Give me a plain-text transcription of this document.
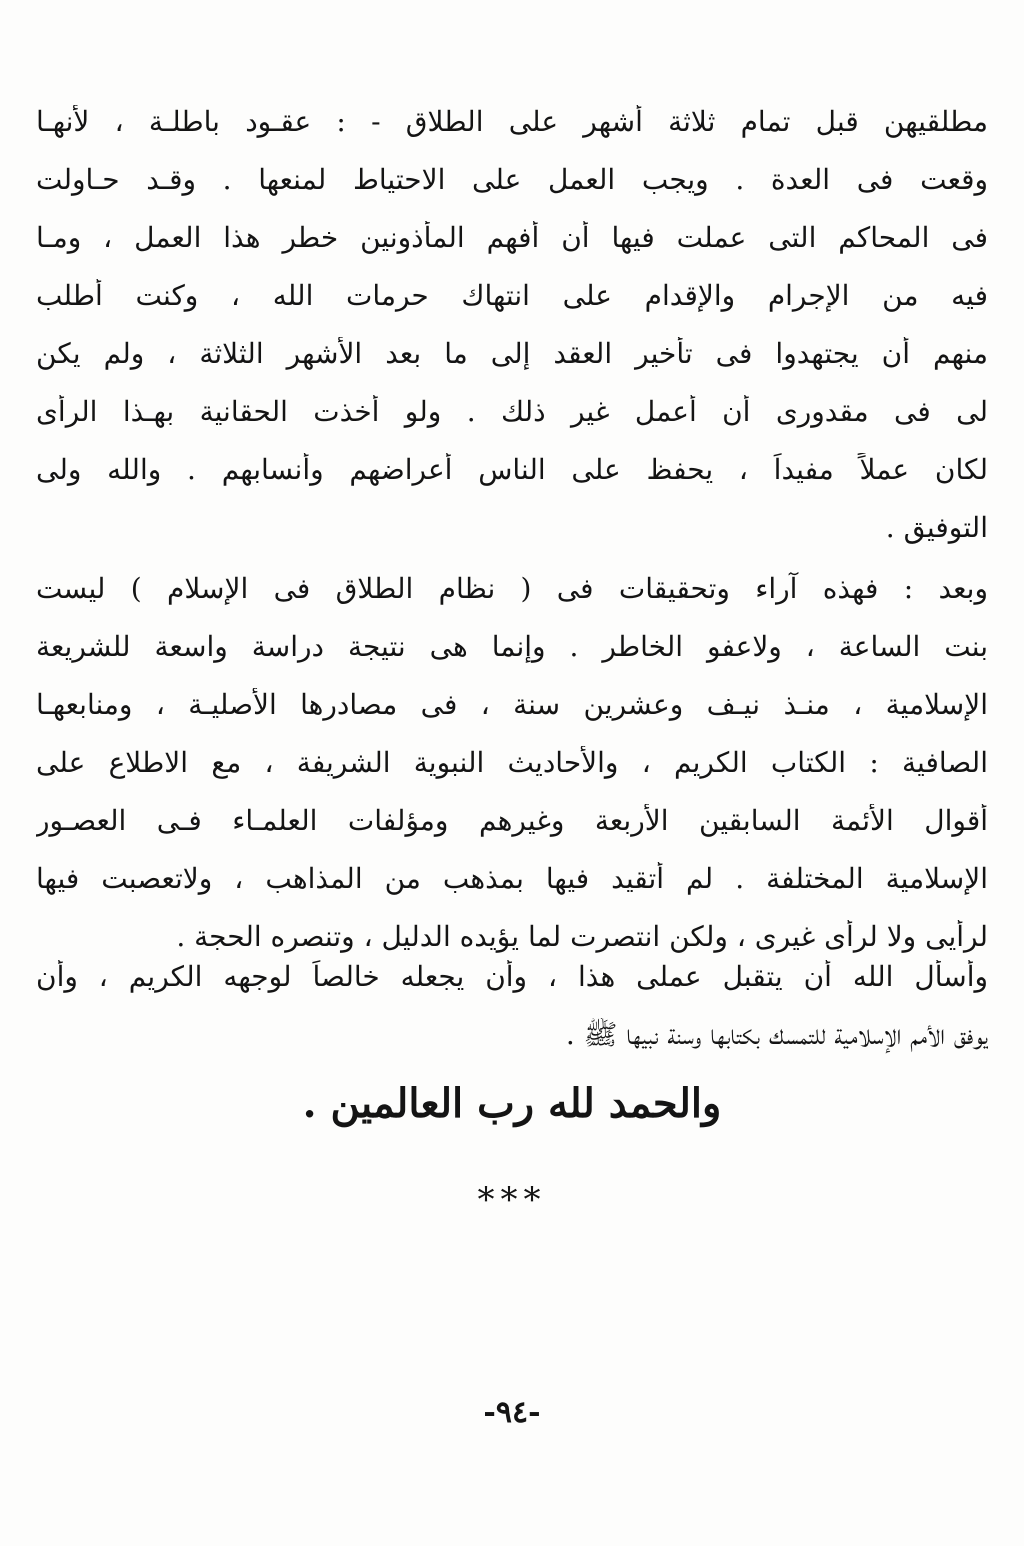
مطلقيهن قبل تمام ثلاثة أشهر على الطلاق - : عقـود باطلـة ، لأنهـا
وقعت فى العدة . ويجب العمل على الاحتياط لمنعها . وقـد حـاولت
فى المحاكم التى عملت فيها أن أفهم المأذونين خطر هذا العمل ، ومـا
فيه من الإجرام والإقدام على انتهاك حرمات الله ، وكنت أطلب
منهم أن يجتهدوا فى تأخير العقد إلى ما بعد الأشهر الثلاثة ، ولم يكن
لى فى مقدورى أن أعمل غير ذلك . ولو أخذت الحقانية بهـذا الرأى
لكان عملاً مفيداً ، يحفظ على الناس أعراضهم وأنسابهم . والله ولى
التوفيق .
وبعد : فهذه آراء وتحقيقات فى ( نظام الطلاق فى الإسلام ) ليست
بنت الساعة ، ولاعفو الخاطر . وإنما هى نتيجة دراسة واسعة للشريعة
الإسلامية ، منـذ نيـف وعشرين سنة ، فى مصادرها الأصليـة ، ومنابعهـا
الصافية : الكتاب الكريم ، والأحاديث النبوية الشريفة ، مع الاطلاع على
أقوال الأئمة السابقين الأربعة وغيرهم ومؤلفات العلمـاء فـى العصـور
الإسلامية المختلفة . لم أتقيد فيها بمذهب من المذاهب ، ولاتعصبت فيها
لرأيى ولا لرأى غيرى ، ولكن انتصرت لما يؤيده الدليل ، وتنصره الحجة .
وأسأل الله أن يتقبل عملى هذا ، وأن يجعله خالصاً لوجهه الكريم ، وأن
يوفق الأمم الإسلامية للتمسك بكتابها وسنة نبيها ﷺ .
والحمد لله رب العالمين .
***
-٩٤-
